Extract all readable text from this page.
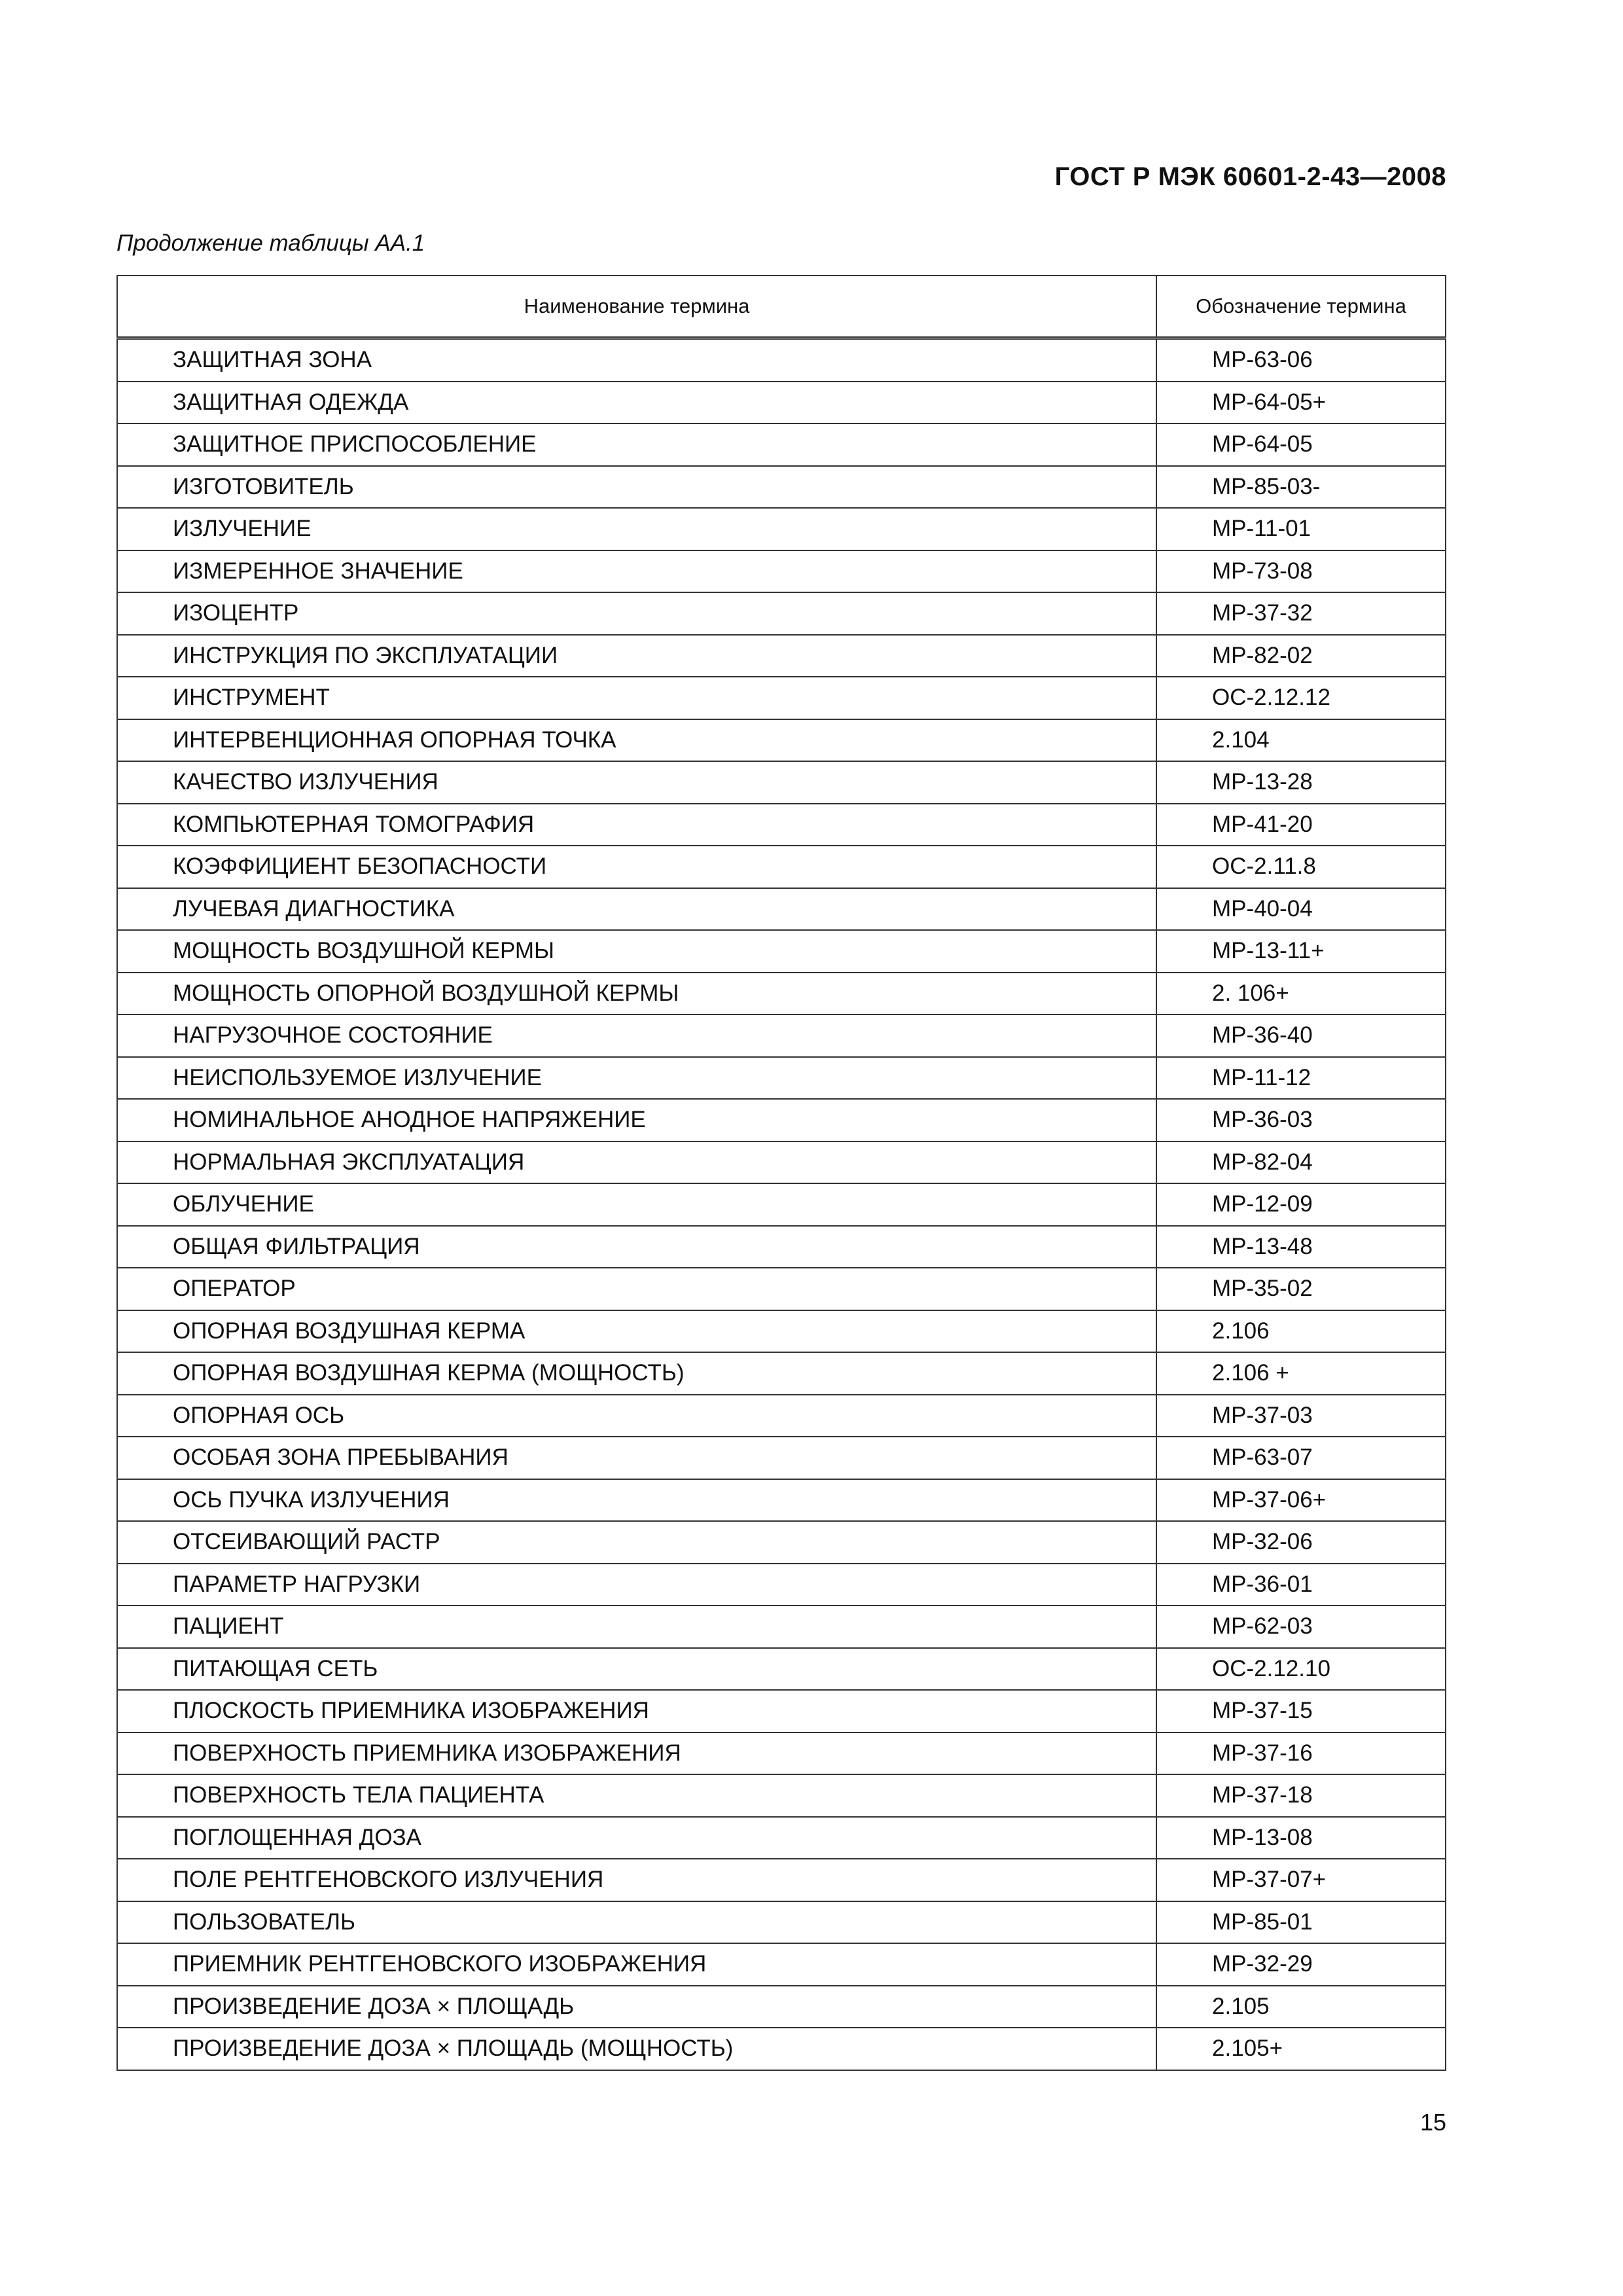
ГОСТ Р МЭК 60601-2-43—2008
Продолжение таблицы АА.1
Наименование термина	Обозначение термина
ЗАЩИТНАЯ ЗОНА	МР-63-06
ЗАЩИТНАЯ ОДЕЖДА	МР-64-05+
ЗАЩИТНОЕ ПРИСПОСОБЛЕНИЕ	МР-64-05
ИЗГОТОВИТЕЛЬ	МР-85-03-
ИЗЛУЧЕНИЕ	МР-11-01
ИЗМЕРЕННОЕ ЗНАЧЕНИЕ	МР-73-08
ИЗОЦЕНТР	МР-37-32
ИНСТРУКЦИЯ ПО ЭКСПЛУАТАЦИИ	МР-82-02
ИНСТРУМЕНТ	ОС-2.12.12
ИНТЕРВЕНЦИОННАЯ ОПОРНАЯ ТОЧКА	2.104
КАЧЕСТВО ИЗЛУЧЕНИЯ	МР-13-28
КОМПЬЮТЕРНАЯ ТОМОГРАФИЯ	МР-41-20
КОЭФФИЦИЕНТ БЕЗОПАСНОСТИ	ОС-2.11.8
ЛУЧЕВАЯ ДИАГНОСТИКА	МР-40-04
МОЩНОСТЬ ВОЗДУШНОЙ КЕРМЫ	МР-13-11+
МОЩНОСТЬ ОПОРНОЙ ВОЗДУШНОЙ КЕРМЫ	2. 106+
НАГРУЗОЧНОЕ СОСТОЯНИЕ	МР-36-40
НЕИСПОЛЬЗУЕМОЕ ИЗЛУЧЕНИЕ	МР-11-12
НОМИНАЛЬНОЕ АНОДНОЕ НАПРЯЖЕНИЕ	МР-36-03
НОРМАЛЬНАЯ ЭКСПЛУАТАЦИЯ	МР-82-04
ОБЛУЧЕНИЕ	МР-12-09
ОБЩАЯ ФИЛЬТРАЦИЯ	МР-13-48
ОПЕРАТОР	МР-35-02
ОПОРНАЯ ВОЗДУШНАЯ КЕРМА	2.106
ОПОРНАЯ ВОЗДУШНАЯ КЕРМА (МОЩНОСТЬ)	2.106 +
ОПОРНАЯ ОСЬ	МР-37-03
ОСОБАЯ ЗОНА ПРЕБЫВАНИЯ	МР-63-07
ОСЬ ПУЧКА ИЗЛУЧЕНИЯ	МР-37-06+
ОТСЕИВАЮЩИЙ РАСТР	МР-32-06
ПАРАМЕТР НАГРУЗКИ	МР-36-01
ПАЦИЕНТ	МР-62-03
ПИТАЮЩАЯ СЕТЬ	ОС-2.12.10
ПЛОСКОСТЬ ПРИЕМНИКА ИЗОБРАЖЕНИЯ	МР-37-15
ПОВЕРХНОСТЬ ПРИЕМНИКА ИЗОБРАЖЕНИЯ	МР-37-16
ПОВЕРХНОСТЬ ТЕЛА ПАЦИЕНТА	МР-37-18
ПОГЛОЩЕННАЯ ДОЗА	МР-13-08
ПОЛЕ РЕНТГЕНОВСКОГО ИЗЛУЧЕНИЯ	МР-37-07+
ПОЛЬЗОВАТЕЛЬ	МР-85-01
ПРИЕМНИК РЕНТГЕНОВСКОГО ИЗОБРАЖЕНИЯ	МР-32-29
ПРОИЗВЕДЕНИЕ ДОЗА × ПЛОЩАДЬ	2.105
ПРОИЗВЕДЕНИЕ ДОЗА × ПЛОЩАДЬ (МОЩНОСТЬ)	2.105+
15
